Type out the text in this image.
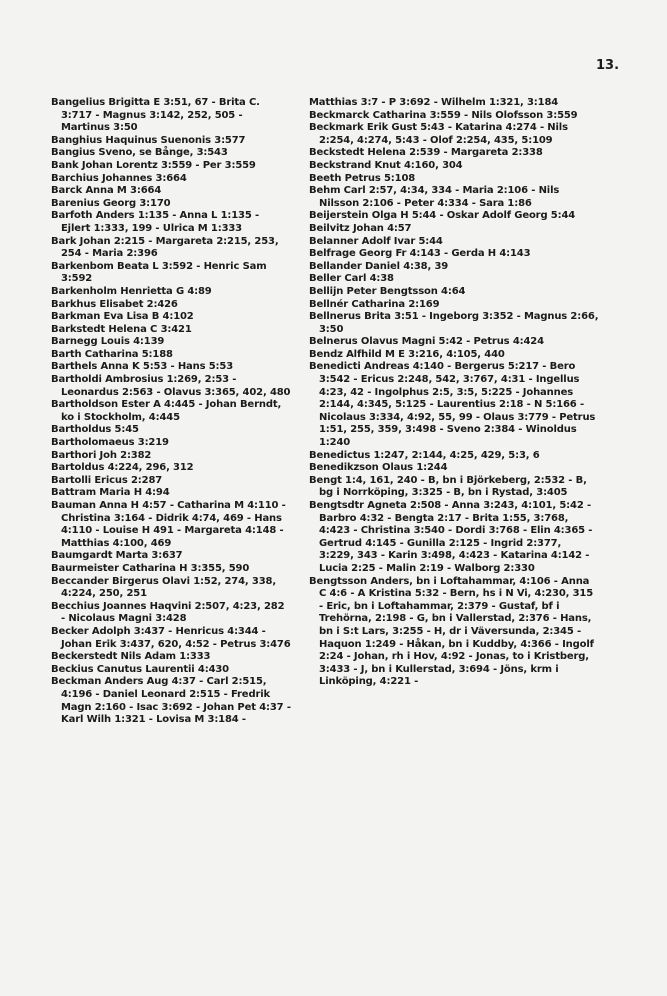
13.

Bangelius Brigitta E 3:51, 67 - Brita C. 3:717 - Magnus 3:142, 252, 505 - Martinus 3:50

Banghius Haquinus Suenonis 3:577

Bangius Sveno, se Bånge, 3:543

Bank Johan Lorentz 3:559 - Per 3:559

Barchius Johannes 3:664

Barck Anna M 3:664

Barenius Georg 3:170

Barfoth Anders 1:135 - Anna L 1:135 - Ejlert 1:333, 199 - Ulrica M 1:333

Bark Johan 2:215 - Margareta 2:215, 253, 254 - Maria 2:396

Barkenbom Beata L 3:592 - Henric Sam 3:592

Barkenholm Henrietta G 4:89

Barkhus Elisabet 2:426

Barkman Eva Lisa B 4:102

Barkstedt Helena C 3:421

Barnegg Louis 4:139

Barth Catharina 5:188

Barthels Anna K 5:53 - Hans 5:53

Bartholdi Ambrosius 1:269, 2:53 - Leonardus 2:563 - Olavus 3:365, 402, 480

Bartholdson Ester A 4:445 - Johan Berndt, ko i Stockholm, 4:445

Bartholdus 5:45

Bartholomaeus 3:219

Barthori Joh 2:382

Bartoldus 4:224, 296, 312

Bartolli Ericus 2:287

Battram Maria H 4:94

Bauman Anna H 4:57 - Catharina M 4:110 - Christina 3:164 - Didrik 4:74, 469 - Hans 4:110 - Louise H 491 - Margareta 4:148 - Matthias 4:100, 469

Baumgardt Marta 3:637

Baurmeister Catharina H 3:355, 590

Beccander Birgerus Olavi 1:52, 274, 338, 4:224, 250, 251

Becchius Joannes Haqvini 2:507, 4:23, 282 - Nicolaus Magni 3:428

Becker Adolph 3:437 - Henricus 4:344 - Johan Erik 3:437, 620, 4:52 - Petrus 3:476

Beckerstedt Nils Adam 1:333

Beckius Canutus Laurentii 4:430

Beckman Anders Aug 4:37 - Carl 2:515, 4:196 - Daniel Leonard 2:515 - Fredrik Magn 2:160 - Isac 3:692 - Johan Pet 4:37 - Karl Wilh 1:321 - Lovisa M 3:184 -

Matthias 3:7 - P 3:692 - Wilhelm 1:321, 3:184

Beckmarck Catharina 3:559 - Nils Olofsson 3:559

Beckmark Erik Gust 5:43 - Katarina 4:274 - Nils 2:254, 4:274, 5:43 - Olof 2:254, 435, 5:109

Beckstedt Helena 2:539 - Margareta 2:338

Beckstrand Knut 4:160, 304

Beeth Petrus 5:108

Behm Carl 2:57, 4:34, 334 - Maria 2:106 - Nils Nilsson 2:106 - Peter 4:334 - Sara 1:86

Beijerstein Olga H 5:44 - Oskar Adolf Georg 5:44

Beilvitz Johan 4:57

Belanner Adolf Ivar 5:44

Belfrage Georg Fr 4:143 - Gerda H 4:143

Bellander Daniel 4:38, 39

Beller Carl 4:38

Bellijn Peter Bengtsson 4:64

Bellnér Catharina 2:169

Bellnerus Brita 3:51 - Ingeborg 3:352 - Magnus 2:66, 3:50

Belnerus Olavus Magni 5:42 - Petrus 4:424

Bendz Alfhild M E 3:216, 4:105, 440

Benedicti Andreas 4:140 - Bergerus 5:217 - Bero 3:542 - Ericus 2:248, 542, 3:767, 4:31 - Ingellus 4:23, 42 - Ingolphus 2:5, 3:5, 5:225 - Johannes 2:144, 4:345, 5:125 - Laurentius 2:18 - N 5:166 - Nicolaus 3:334, 4:92, 55, 99 - Olaus 3:779 - Petrus 1:51, 255, 359, 3:498 - Sveno 2:384 - Winoldus 1:240

Benedictus 1:247, 2:144, 4:25, 429, 5:3, 6

Benedikzson Olaus 1:244

Bengt 1:4, 161, 240 - B, bn i Björkeberg, 2:532 - B, bg i Norrköping, 3:325 - B, bn i Rystad, 3:405

Bengtsdtr Agneta 2:508 - Anna 3:243, 4:101, 5:42 - Barbro 4:32 - Bengta 2:17 - Brita 1:55, 3:768, 4:423 - Christina 3:540 - Dordi 3:768 - Elin 4:365 - Gertrud 4:145 - Gunilla 2:125 - Ingrid 2:377, 3:229, 343 - Karin 3:498, 4:423 - Katarina 4:142 - Lucia 2:25 - Malin 2:19 - Walborg 2:330

Bengtsson Anders, bn i Loftahammar, 4:106 - Anna C 4:6 - A Kristina 5:32 - Bern, hs i N Vi, 4:230, 315 - Eric, bn i Loftahammar, 2:379 - Gustaf, bf i Trehörna, 2:198 - G, bn i Vallerstad, 2:376 - Hans, bn i S:t Lars, 3:255 - H, dr i Väversunda, 2:345 - Haquon 1:249 - Håkan, bn i Kuddby, 4:366 - Ingolf 2:24 - Johan, rh i Hov, 4:92 - Jonas, to i Kristberg, 3:433 - J, bn i Kullerstad, 3:694 - Jöns, krm i Linköping, 4:221 -
